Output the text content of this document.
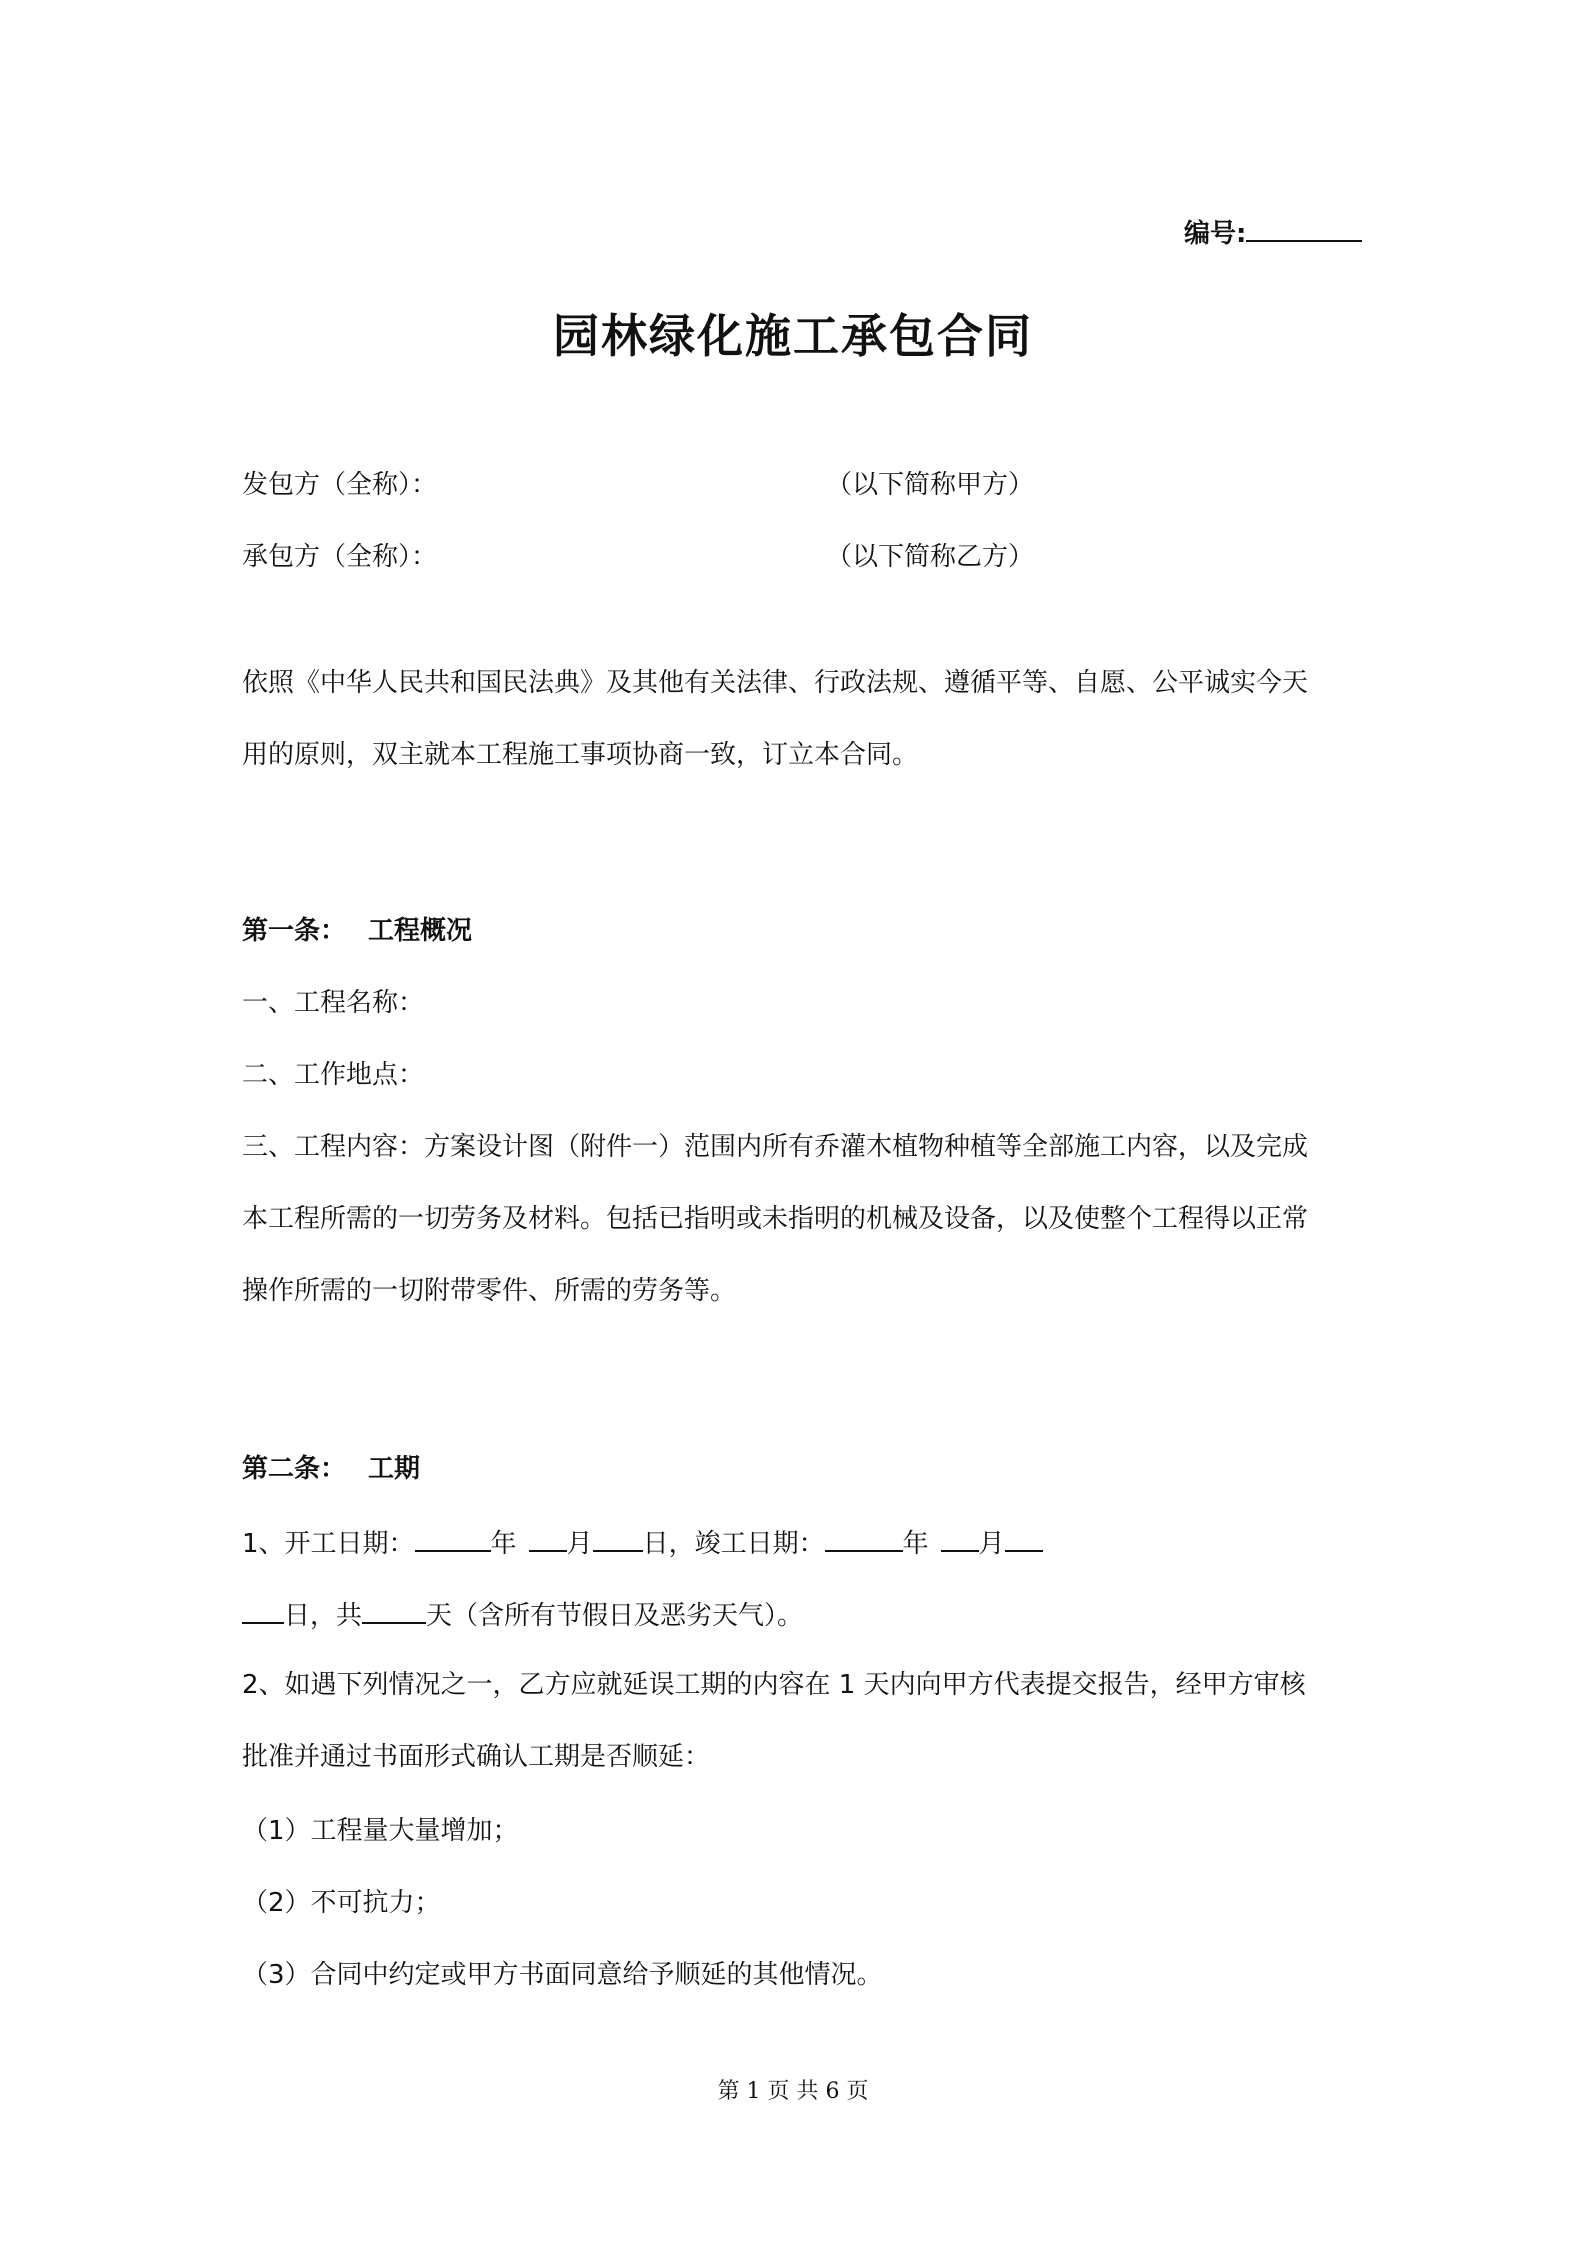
编号:
园林绿化施工承包合同
发包方（全称）：	（以下简称甲方）
承包方（全称）：	（以下简称乙方）
依照《中华人民共和国民法典》及其他有关法律、行政法规、遵循平等、自愿、公平诚实今天
用的原则，双主就本工程施工事项协商一致，订立本合同。
第一条： 工程概况
一、工程名称：
二、工作地点：
三、工程内容：方案设计图（附件一）范围内所有乔灌木植物种植等全部施工内容，以及完成
本工程所需的一切劳务及材料。包括已指明或未指明的机械及设备，以及使整个工程得以正常
操作所需的一切附带零件、所需的劳务等。
第二条： 工期
1、开工日期：	年 月 日，竣工日期：	年 月
日，共 天（含所有节假日及恶劣天气）。
2、如遇下列情况之一，乙方应就延误工期的内容在 1 天内向甲方代表提交报告，经甲方审核
批准并通过书面形式确认工期是否顺延：
（1）工程量大量增加；
（2）不可抗力；
（3）合同中约定或甲方书面同意给予顺延的其他情况。
第 1 页 共 6 页
